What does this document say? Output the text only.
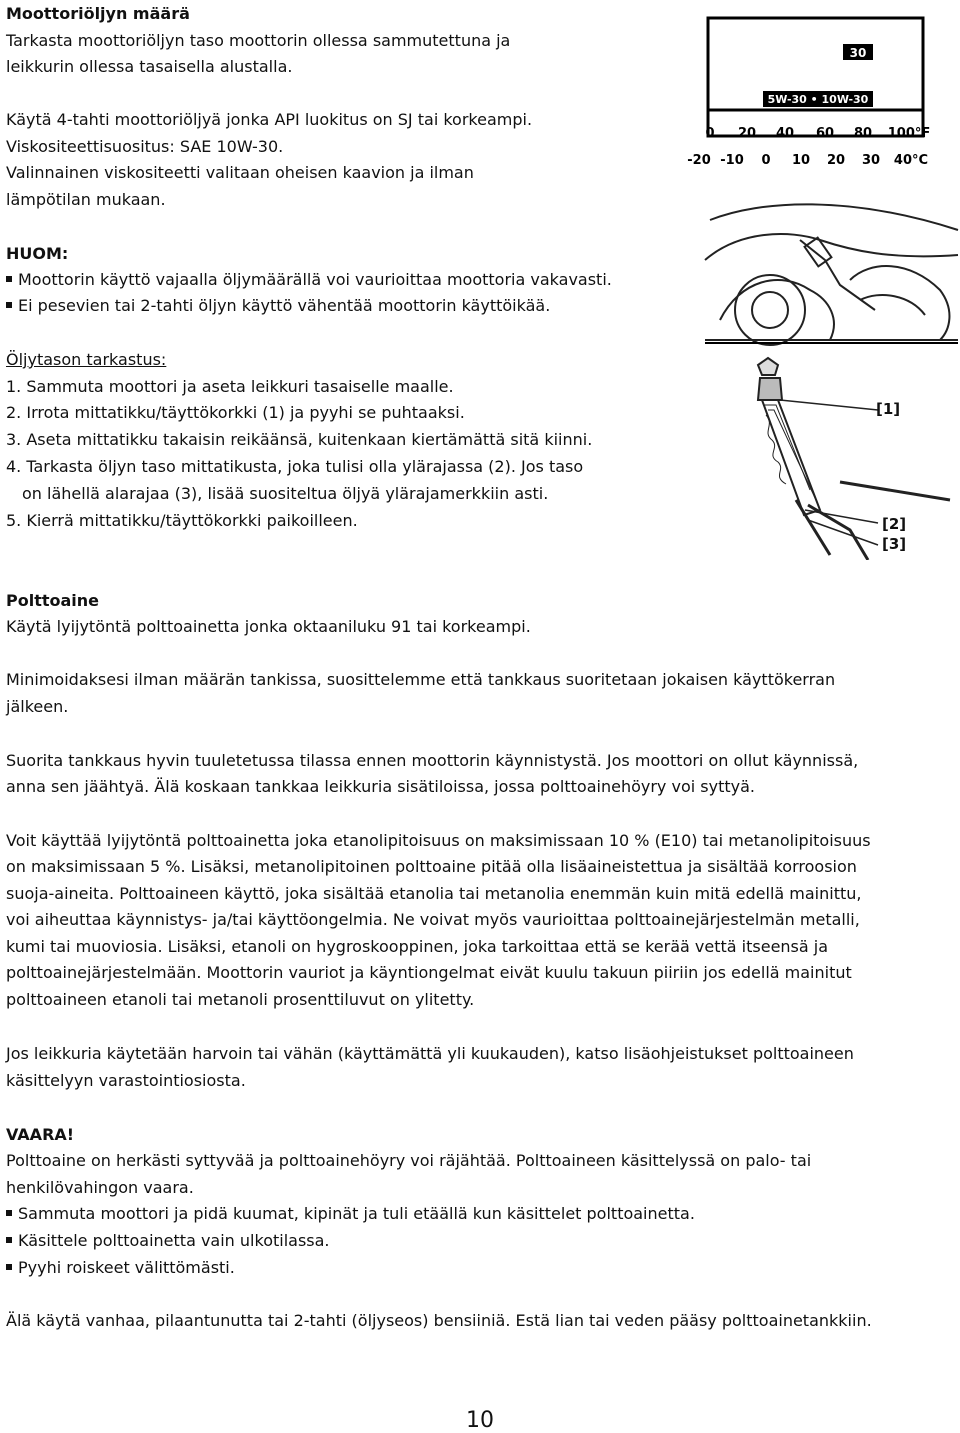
Moottoriöljyn määrä
Tarkasta moottoriöljyn taso moottorin ollessa sammutettuna ja
leikkurin ollessa tasaisella alustalla.
Käytä 4-tahti moottoriöljyä jonka API luokitus on SJ tai korkeampi.
Viskositeettisuositus: SAE 10W-30.
Valinnainen viskositeetti valitaan oheisen kaavion ja ilman
lämpötilan mukaan.
HUOM:
Moottorin käyttö vajaalla öljymäärällä voi vaurioittaa moottoria vakavasti.
Ei pesevien tai 2-tahti öljyn käyttö vähentää moottorin käyttöikää.
Öljytason tarkastus:
1. Sammuta moottori ja aseta leikkuri tasaiselle maalle.
2. Irrota mittatikku/täyttökorkki (1) ja pyyhi se puhtaaksi.
3. Aseta mittatikku takaisin reikäänsä, kuitenkaan kiertämättä sitä kiinni.
4. Tarkasta öljyn taso mittatikusta, joka tulisi olla ylärajassa (2). Jos taso
on lähellä alarajaa (3), lisää suositeltua öljyä ylärajamerkkiin asti.
5. Kierrä mittatikku/täyttökorkki paikoilleen.
30
5W-30 • 10W-30
0 20 40 60 80 100°F
-20 -10 0 10 20 30 40°C
[1]
[2]
[3]
Polttoaine
Käytä lyijytöntä polttoainetta jonka oktaaniluku 91 tai korkeampi.
Minimoidaksesi ilman määrän tankissa, suosittelemme että tankkaus suoritetaan jokaisen käyttökerran
jälkeen.
Suorita tankkaus hyvin tuuletetussa tilassa ennen moottorin käynnistystä. Jos moottori on ollut käynnissä,
anna sen jäähtyä. Älä koskaan tankkaa leikkuria sisätiloissa, jossa polttoainehöyry voi syttyä.
Voit käyttää lyijytöntä polttoainetta joka etanolipitoisuus on maksimissaan 10 % (E10) tai metanolipitoisuus
on maksimissaan 5 %. Lisäksi, metanolipitoinen polttoaine pitää olla lisäaineistettua ja sisältää korroosion
suoja-aineita. Polttoaineen käyttö, joka sisältää etanolia tai metanolia enemmän kuin mitä edellä mainittu,
voi aiheuttaa käynnistys- ja/tai käyttöongelmia. Ne voivat myös vaurioittaa polttoainejärjestelmän metalli,
kumi tai muoviosia. Lisäksi, etanoli on hygroskooppinen, joka tarkoittaa että se kerää vettä itseensä ja
polttoainejärjestelmään. Moottorin vauriot ja käyntiongelmat eivät kuulu takuun piiriin jos edellä mainitut
polttoaineen etanoli tai metanoli prosenttiluvut on ylitetty.
Jos leikkuria käytetään harvoin tai vähän (käyttämättä yli kuukauden), katso lisäohjeistukset polttoaineen
käsittelyyn varastointiosiosta.
VAARA!
Polttoaine on herkästi syttyvää ja polttoainehöyry voi räjähtää. Polttoaineen käsittelyssä on palo- tai
henkilövahingon vaara.
Sammuta moottori ja pidä kuumat, kipinät ja tuli etäällä kun käsittelet polttoainetta.
Käsittele polttoainetta vain ulkotilassa.
Pyyhi roiskeet välittömästi.
Älä käytä vanhaa, pilaantunutta tai 2-tahti (öljyseos) bensiiniä. Estä lian tai veden pääsy polttoainetankkiin.
10
